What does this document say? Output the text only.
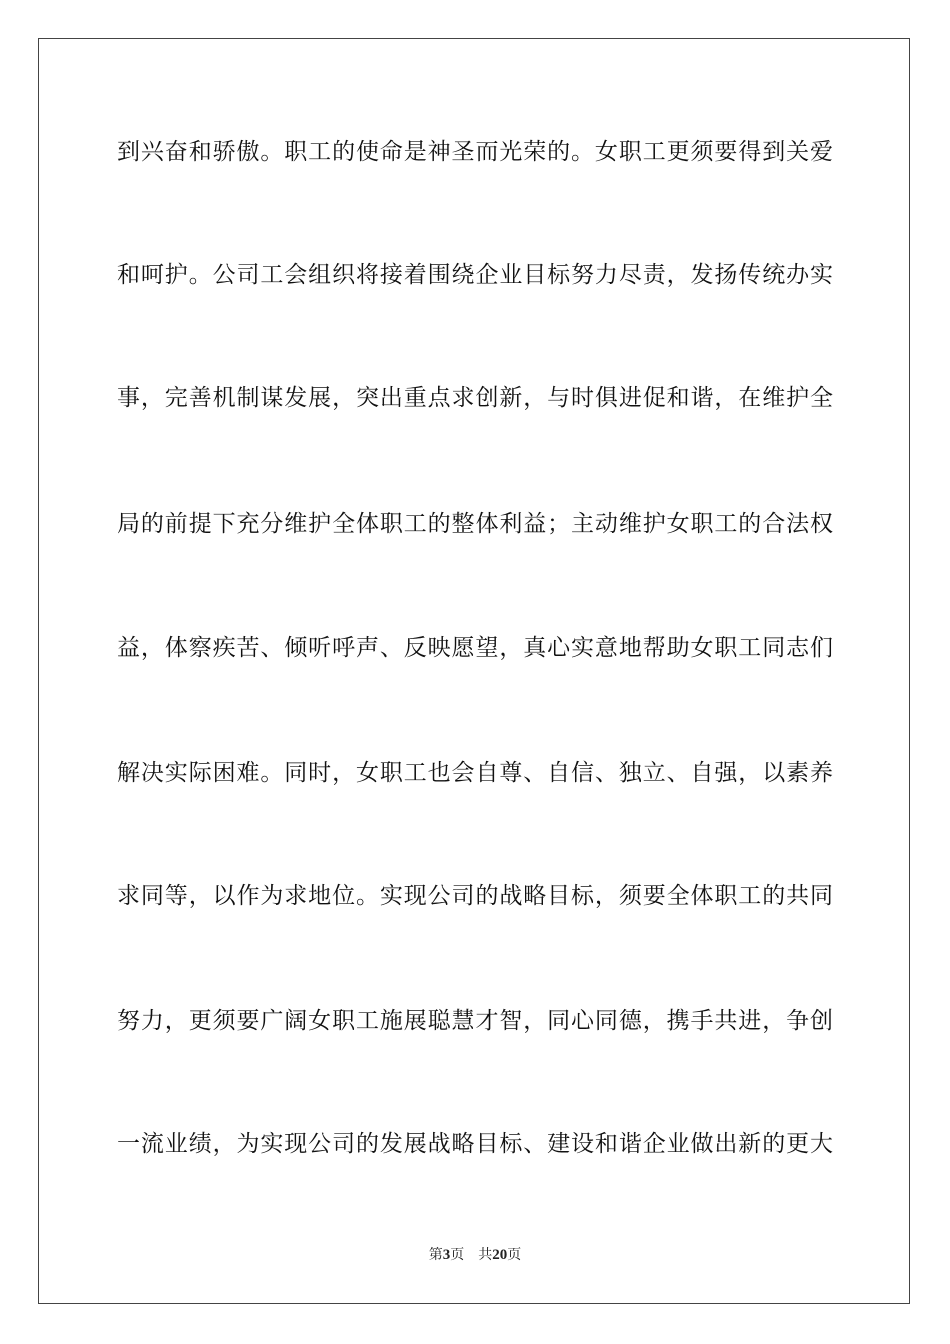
到兴奋和骄傲。职工的使命是神圣而光荣的。女职工更须要得到关爱
和呵护。公司工会组织将接着围绕企业目标努力尽责，发扬传统办实
事，完善机制谋发展，突出重点求创新，与时俱进促和谐，在维护全
局的前提下充分维护全体职工的整体利益；主动维护女职工的合法权
益，体察疾苦、倾听呼声、反映愿望，真心实意地帮助女职工同志们
解决实际困难。同时，女职工也会自尊、自信、独立、自强，以素养
求同等，以作为求地位。实现公司的战略目标，须要全体职工的共同
努力，更须要广阔女职工施展聪慧才智，同心同德，携手共进，争创
一流业绩，为实现公司的发展战略目标、建设和谐企业做出新的更大
第3页 共20页
